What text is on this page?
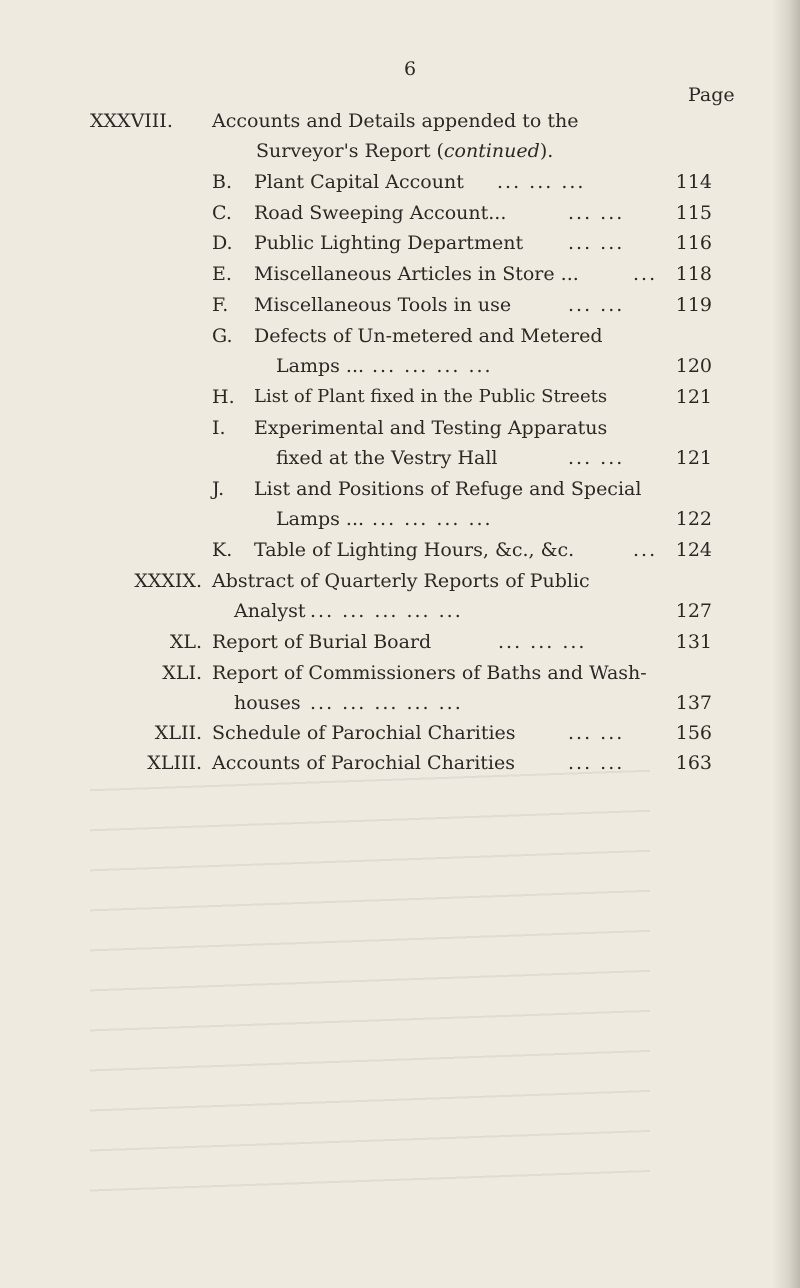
6
Page
XXXVIII. Accounts and Details appended to the
Surveyor's Report (continued).
B. Plant Capital Account ... ... ...	114
C. Road Sweeping Account...	... ...	115
D. Public Lighting Department ... ...	116
E. Miscellaneous Articles in Store ...	... 118
F. Miscellaneous Tools in use	... ...	119
G. Defects of Un-metered and Metered
Lamps ... ... ... ... ...	120
H. List of Plant fixed in the Public Streets	121
I. Experimental and Testing Apparatus
fixed at the Vestry Hall	... ...	121
J. List and Positions of Refuge and Special
Lamps ... ... ... ... ...	122
K. Table of Lighting Hours, &c., &c.	... 124
XXXIX. Abstract of Quarterly Reports of Public
Analyst ... ... ... ... ...	127
XL. Report of Burial Board	... ... ...	131
XLI. Report of Commissioners of Baths and Wash-
houses ... ... ... ... ...	137
XLII. Schedule of Parochial Charities	... ...	156
XLIII. Accounts of Parochial Charities	... ...	163
